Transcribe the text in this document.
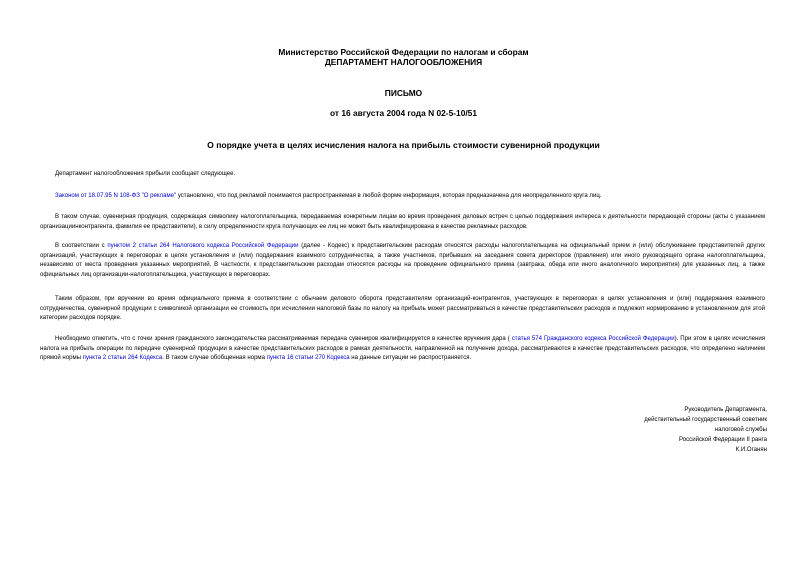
Министерство Российской Федерации по налогам и сборам
ДЕПАРТАМЕНТ НАЛОГООБЛОЖЕНИЯ
ПИСЬМО
от 16 августа 2004 года N 02-5-10/51
О порядке учета в целях исчисления налога на прибыль стоимости сувенирной продукции
Департамент налогообложения прибыли сообщает следующее.
Законом от 18.07.95 N 108-ФЗ "О рекламе" установлено, что под рекламой понимается распространяемая в любой форме информация, которая предназначена для неопределенного круга лиц.
В таком случае, сувенирная продукция, содержащая символику налогоплательщика, передаваемая конкретным лицам во время проведения деловых встреч с целью поддержания интереса к деятельности передающей стороны (акты с указанием организациинконтрагента, фамилия ее представители), в силу определенности круга получающих ее лиц не может быть квалифицирована в качестве рекламных расходов.
В соответствии с пунктом 2 статьи 264 Налогового кодекса Российской Федерации (далее - Кодекс) к представительским расходам относятся расходы налогоплательщика на официальный прием и (или) обслуживание представителей других организаций, участвующих в переговорах в целях установления и (или) поддержания взаимного сотрудничества, а также участников, прибывших на заседания совета директоров (правления) или иного руководящего органа налогоплательщика, независимо от места проведения указанных мероприятий. В частности, к представительским расходам относятся расходы на проведение официального приема (завтрака, обеда или иного аналогичного мероприятия) для указанных лиц, а также официальных лиц организации-налогоплательщика, участвующих в переговорах.
Таким образом, при вручении во время официального приема в соответствии с обычаем делового оборота представителям организаций-контрагентов, участвующих в переговорах в целях установления и (или) поддержания взаимного сотрудничества, сувенирной продукции с символикой организации ее стоимость при исчислении налоговой базы по налогу на прибыль может рассматриваться в качестве представительских расходов и подлежит нормированию в установленном для этой категории расходов порядке.
Необходимо отметить, что с точки зрения гражданского законодательства рассматриваемая передача сувениров квалифицируется в качестве вручения дара ( статья 574 Гражданского кодекса Российской Федерации). При этом в целях исчисления налога на прибыль операции по передаче сувенирной продукции в качестве представительских расходов в рамках деятельности, направленной на получение дохода, рассматриваются в качестве представительских расходов, что определено наличием прямой нормы пункта 2 статьи 264 Кодекса. В таком случае обобщенная норма пункта 16 статьи 270 Кодекса на данные ситуации не распространяется.
Руководитель Департамента,
действительный государственный советник
налоговой службы
Российской Федерации II ранга
К.И.Оганян
